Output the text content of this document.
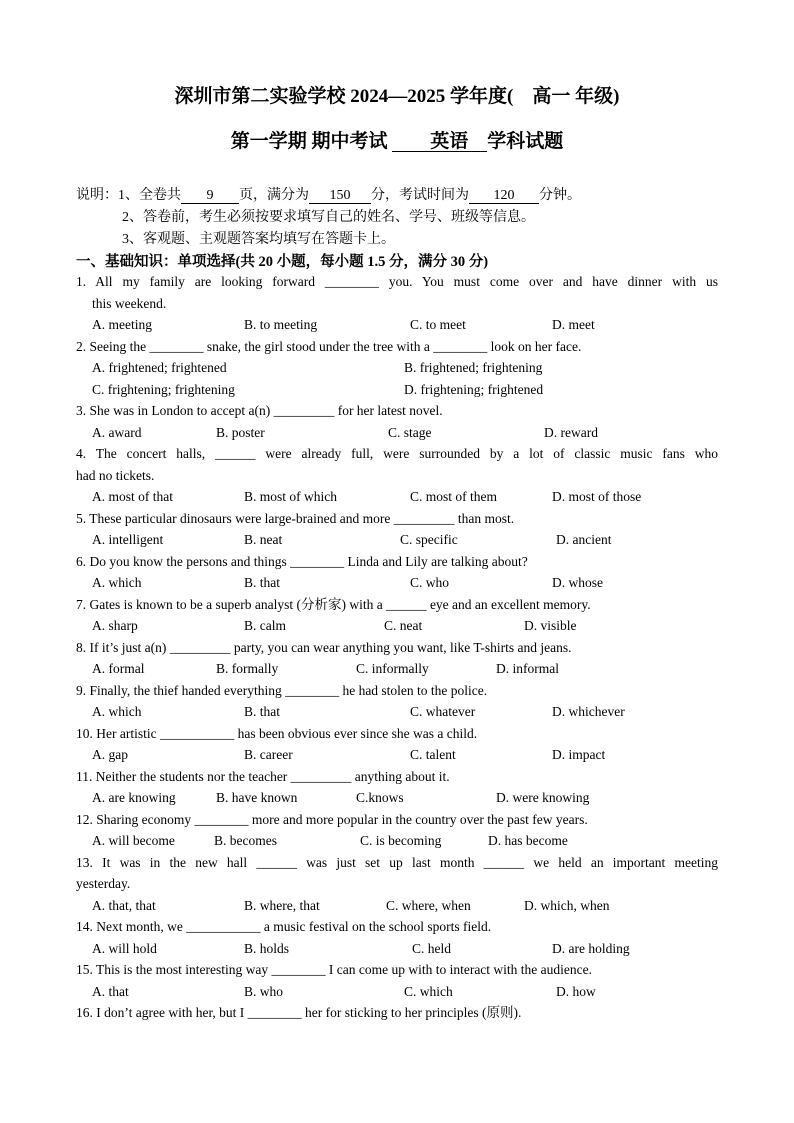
深圳市第二实验学校 2024—2025 学年度(　高一 年级)
第一学期 期中考试 　英语　　学科试题
说明：1、全卷共 9 页，满分为 150 分，考试时间为 120 分钟。
2、答卷前，考生必须按要求填写自己的姓名、学号、班级等信息。
3、客观题、主观题答案均填写在答题卡上。
一、基础知识：单项选择(共 20 小题，每小题 1.5 分，满分 30 分)
1. All my family are looking forward ________ you. You must come over and have dinner with us
this weekend.
A. meeting	B. to meeting	C. to meet	D. meet
2. Seeing the ________ snake, the girl stood under the tree with a ________ look on her face.
A. frightened; frightened	B. frightened; frightening
C. frightening; frightening	D. frightening; frightened
3. She was in London to accept a(n) _________ for her latest novel.
A. award	B. poster	C. stage	D. reward
4. The concert halls, ______ were already full, were surrounded by a lot of classic music fans who
had no tickets.
A. most of that	B. most of which	C. most of them	D. most of those
5. These particular dinosaurs were large-brained and more _________ than most.
A. intelligent	B. neat	C. specific	D. ancient
6. Do you know the persons and things ________ Linda and Lily are talking about?
A. which	B. that	C. who	D. whose
7. Gates is known to be a superb analyst (分析家) with a ______ eye and an excellent memory.
A. sharp	B. calm	C. neat	D. visible
8. If it’s just a(n) _________ party, you can wear anything you want, like T-shirts and jeans.
A. formal	B. formally	C. informally	D. informal
9. Finally, the thief handed everything ________ he had stolen to the police.
A. which	B. that	C. whatever	D. whichever
10. Her artistic ___________ has been obvious ever since she was a child.
A. gap	B. career	C. talent	D. impact
11. Neither the students nor the teacher _________ anything about it.
A. are knowing	B. have known	C.knows	D. were knowing
12. Sharing economy ________ more and more popular in the country over the past few years.
A. will become	B. becomes	C. is becoming	D. has become
13. It was in the new hall ______ was just set up last month ______ we held an important meeting
yesterday.
A. that, that	B. where, that	C. where, when	D. which, when
14. Next month, we ___________ a music festival on the school sports field.
A. will hold	B. holds	C. held	D. are holding
15. This is the most interesting way ________ I can come up with to interact with the audience.
A. that	B. who	C. which	D. how
16. I don’t agree with her, but I ________ her for sticking to her principles (原则).
